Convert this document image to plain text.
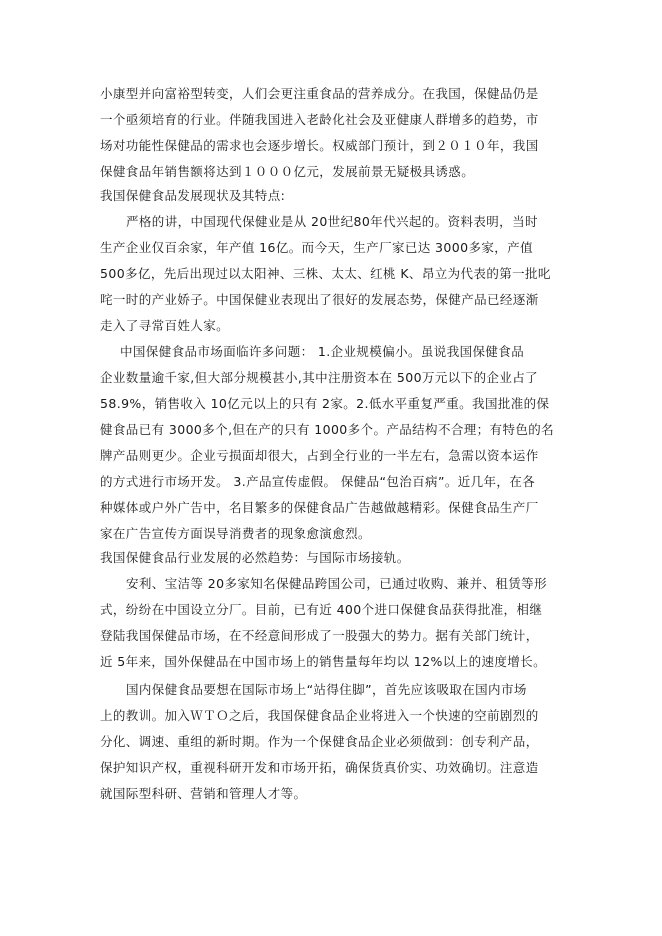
小康型并向富裕型转变，人们会更注重食品的营养成分。在我国，保健品仍是
一个亟须培育的行业。伴随我国进入老龄化社会及亚健康人群增多的趋势，市
场对功能性保健品的需求也会逐步增长。权威部门预计，到２０１０年，我国
保健食品年销售额将达到１０００亿元，发展前景无疑极具诱惑。
我国保健食品发展现状及其特点:
严格的讲，中国现代保健业是从 20世纪80年代兴起的。资料表明，当时
生产企业仅百余家，年产值 16亿。而今天，生产厂家已达 3000多家，产值
500多亿，先后出现过以太阳神、三株、太太、红桃 K、昂立为代表的第一批叱
咤一时的产业娇子。中国保健业表现出了很好的发展态势，保健产品已经逐渐
走入了寻常百姓人家。
中国保健食品市场面临许多问题： 1.企业规模偏小。虽说我国保健食品
企业数量逾千家,但大部分规模甚小,其中注册资本在 500万元以下的企业占了
58.9%，销售收入 10亿元以上的只有 2家。2.低水平重复严重。我国批准的保
健食品已有 3000多个,但在产的只有 1000多个。产品结构不合理；有特色的名
牌产品则更少。企业亏损面却很大，占到全行业的一半左右，急需以资本运作
的方式进行市场开发。 3.产品宣传虚假。 保健品“包治百病”。近几年，在各
种媒体或户外广告中，名目繁多的保健食品广告越做越精彩。保健食品生产厂
家在广告宣传方面误导消费者的现象愈演愈烈。
我国保健食品行业发展的必然趋势：与国际市场接轨。
安利、宝洁等 20多家知名保健品跨国公司，已通过收购、兼并、租赁等形
式，纷纷在中国设立分厂。目前，已有近 400个进口保健食品获得批准，相继
登陆我国保健品市场，在不经意间形成了一股强大的势力。据有关部门统计，
近 5年来，国外保健品在中国市场上的销售量每年均以 12%以上的速度增长。
国内保健食品要想在国际市场上“站得住脚”，首先应该吸取在国内市场
上的教训。加入ＷＴＯ之后，我国保健食品企业将进入一个快速的空前剧烈的
分化、调速、重组的新时期。作为一个保健食品企业必须做到：创专利产品，
保护知识产权，重视科研开发和市场开拓，确保货真价实、功效确切。注意造
就国际型科研、营销和管理人才等。
